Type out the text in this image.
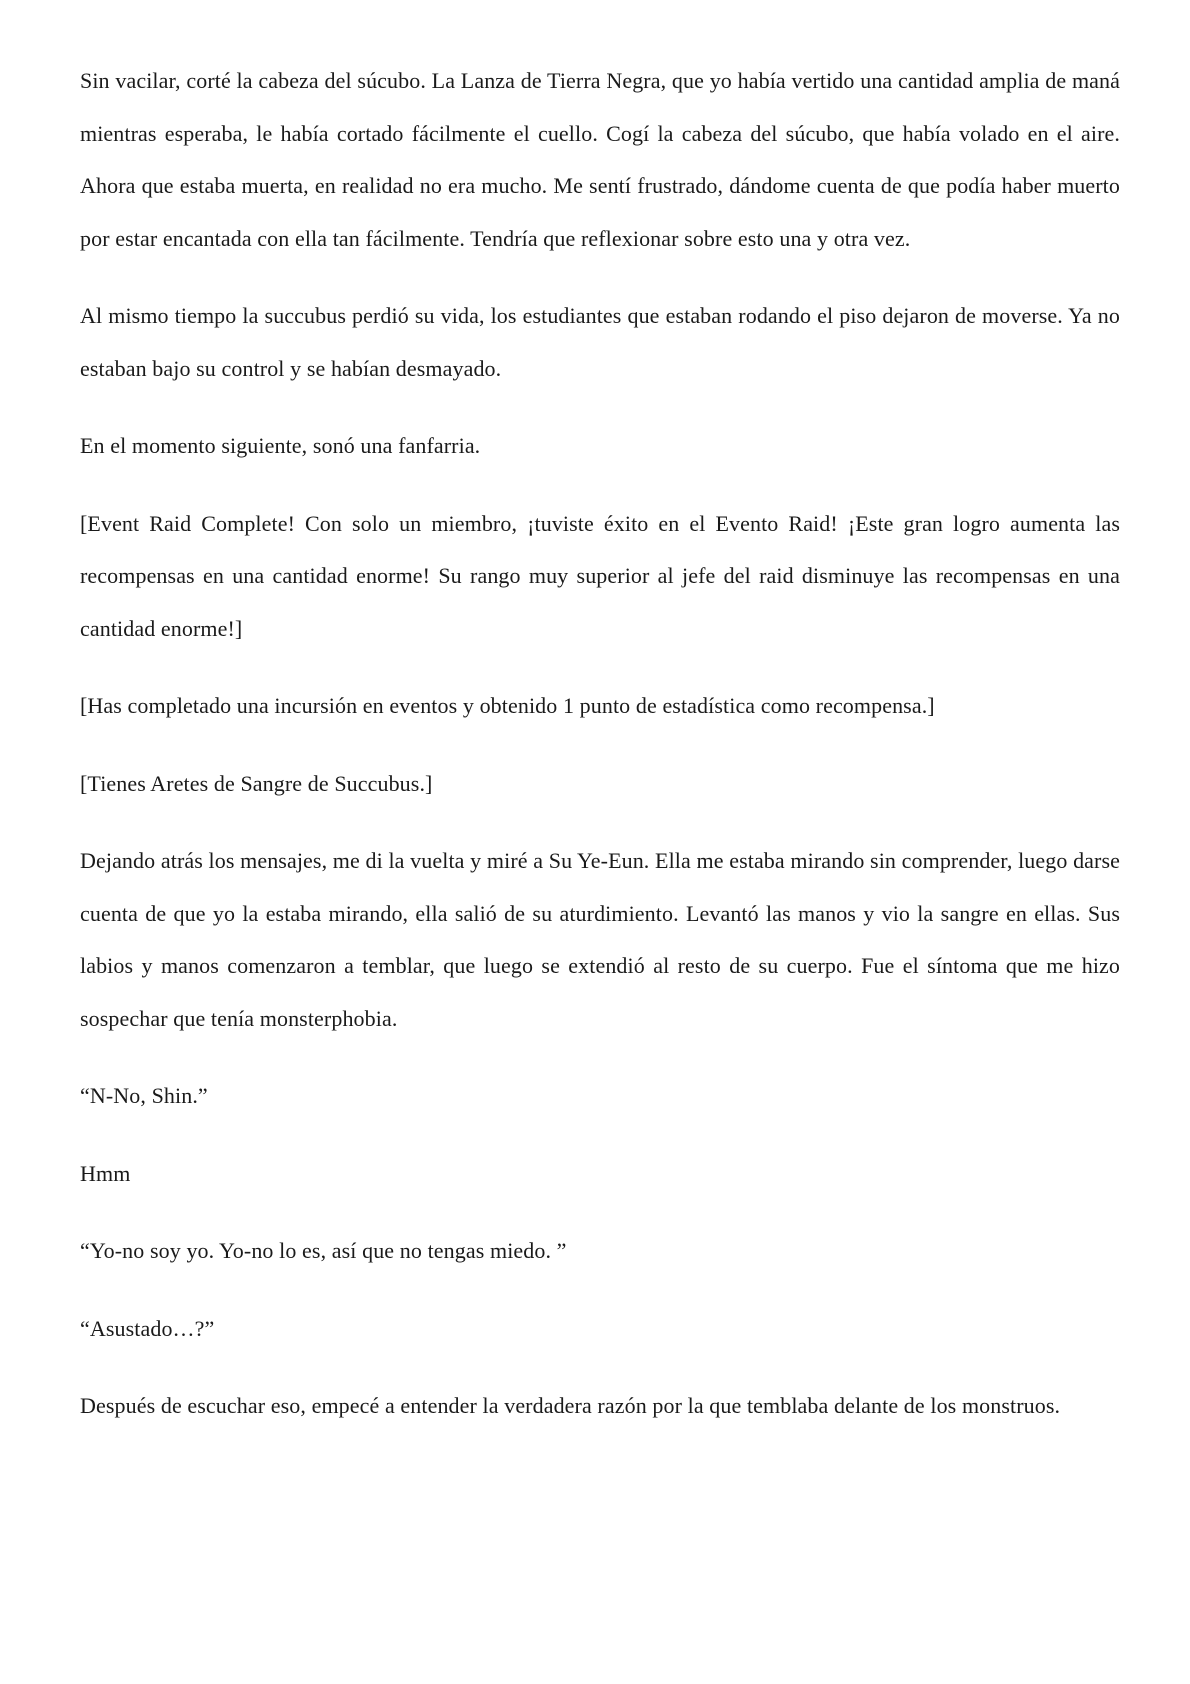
Sin vacilar, corté la cabeza del súcubo. La Lanza de Tierra Negra, que yo había vertido una cantidad amplia de maná mientras esperaba, le había cortado fácilmente el cuello. Cogí la cabeza del súcubo, que había volado en el aire. Ahora que estaba muerta, en realidad no era mucho. Me sentí frustrado, dándome cuenta de que podía haber muerto por estar encantada con ella tan fácilmente. Tendría que reflexionar sobre esto una y otra vez.

Al mismo tiempo la succubus perdió su vida, los estudiantes que estaban rodando el piso dejaron de moverse. Ya no estaban bajo su control y se habían desmayado.

En el momento siguiente, sonó una fanfarria.

[Event Raid Complete! Con solo un miembro, ¡tuviste éxito en el Evento Raid! ¡Este gran logro aumenta las recompensas en una cantidad enorme! Su rango muy superior al jefe del raid disminuye las recompensas en una cantidad enorme!]

[Has completado una incursión en eventos y obtenido 1 punto de estadística como recompensa.]

[Tienes Aretes de Sangre de Succubus.]

Dejando atrás los mensajes, me di la vuelta y miré a Su Ye-Eun. Ella me estaba mirando sin comprender, luego darse cuenta de que yo la estaba mirando, ella salió de su aturdimiento. Levantó las manos y vio la sangre en ellas. Sus labios y manos comenzaron a temblar, que luego se extendió al resto de su cuerpo. Fue el síntoma que me hizo sospechar que tenía monsterphobia.

“N-No, Shin.”

Hmm

“Yo-no soy yo. Yo-no lo es, así que no tengas miedo. ”

“Asustado…?”

Después de escuchar eso, empecé a entender la verdadera razón por la que temblaba delante de los monstruos.
